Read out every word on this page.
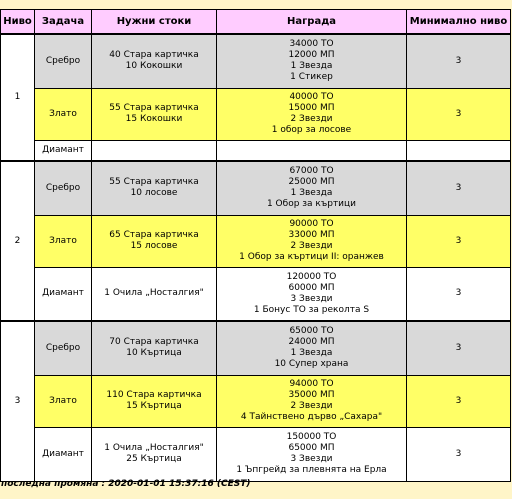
Ниво	Задача	Нужни стоки	Награда	Минимално ниво
1	Сребро	40 Стара картичка
10 Кокошки	34000 ТО
12000 МП
1 Звезда
1 Стикер	3
	Злато	55 Стара картичка
15 Кокошки	40000 ТО
15000 МП
2 Звезди
1 обор за лосове	3
	Диамант			
2	Сребро	55 Стара картичка
10 лосове	67000 ТО
25000 МП
1 Звезда
1 Обор за къртици	3
	Злато	65 Стара картичка
15 лосове	90000 ТО
33000 МП
2 Звезди
1 Обор за къртици II: оранжев	3
	Диамант	1 Очила „Носталгия"	120000 ТО
60000 МП
3 Звезди
1 Бонус ТО за реколта S	3
3	Сребро	70 Стара картичка
10 Къртица	65000 ТО
24000 МП
1 Звезда
10 Супер храна	3
	Злато	110 Стара картичка
15 Къртица	94000 ТО
35000 МП
2 Звезди
4 Тайнствено дърво „Сахара"	3
	Диамант	1 Очила „Носталгия"
25 Къртица	150000 ТО
65000 МП
3 Звезди
1 Ъпгрейд за плевнята на Ерла	3
последна промяна : 2020-01-01 15:37:16 (CEST)
